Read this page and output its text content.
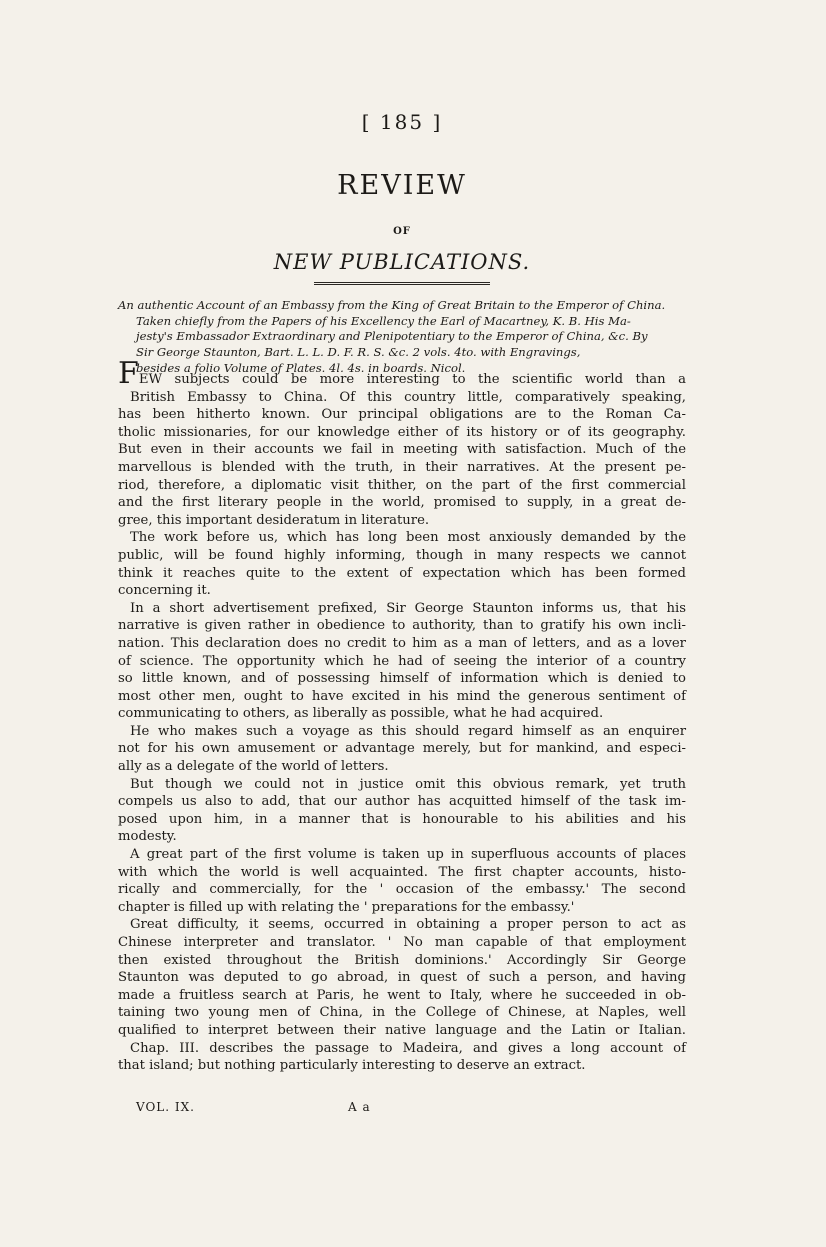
[ 185 ]
REVIEW
OF
NEW PUBLICATIONS.
An authentic Account of an Embassy from the King of Great Britain to the Emperor of China.
Taken chiefly from the Papers of his Excellency the Earl of Macartney, K. B. His Ma-
jesty's Embassador Extraordinary and Plenipotentiary to the Emperor of China, &c. By
Sir George Staunton, Bart. L. L. D. F. R. S. &c. 2 vols. 4to. with Engravings,
besides a folio Volume of Plates. 4l. 4s. in boards. Nicol.
FEW subjects could be more interesting to the scientific world than a
British Embassy to China. Of this country little, comparatively speaking,
has been hitherto known. Our principal obligations are to the Roman Ca-
tholic missionaries, for our knowledge either of its history or of its geography.
But even in their accounts we fail in meeting with satisfaction. Much of the
marvellous is blended with the truth, in their narratives. At the present pe-
riod, therefore, a diplomatic visit thither, on the part of the first commercial
and the first literary people in the world, promised to supply, in a great de-
gree, this important desideratum in literature.
The work before us, which has long been most anxiously demanded by the
public, will be found highly informing, though in many respects we cannot
think it reaches quite to the extent of expectation which has been formed
concerning it.
In a short advertisement prefixed, Sir George Staunton informs us, that his
narrative is given rather in obedience to authority, than to gratify his own incli-
nation. This declaration does no credit to him as a man of letters, and as a lover
of science. The opportunity which he had of seeing the interior of a country
so little known, and of possessing himself of information which is denied to
most other men, ought to have excited in his mind the generous sentiment of
communicating to others, as liberally as possible, what he had acquired.
He who makes such a voyage as this should regard himself as an enquirer
not for his own amusement or advantage merely, but for mankind, and especi-
ally as a delegate of the world of letters.
But though we could not in justice omit this obvious remark, yet truth
compels us also to add, that our author has acquitted himself of the task im-
posed upon him, in a manner that is honourable to his abilities and his
modesty.
A great part of the first volume is taken up in superfluous accounts of places
with which the world is well acquainted. The first chapter accounts, histo-
rically and commercially, for the ' occasion of the embassy.' The second
chapter is filled up with relating the ' preparations for the embassy.'
Great difficulty, it seems, occurred in obtaining a proper person to act as
Chinese interpreter and translator. ' No man capable of that employment
then existed throughout the British dominions.' Accordingly Sir George
Staunton was deputed to go abroad, in quest of such a person, and having
made a fruitless search at Paris, he went to Italy, where he succeeded in ob-
taining two young men of China, in the College of Chinese, at Naples, well
qualified to interpret between their native language and the Latin or Italian.
Chap. III. describes the passage to Madeira, and gives a long account of
that island; but nothing particularly interesting to deserve an extract.
VOL. IX.	A a
